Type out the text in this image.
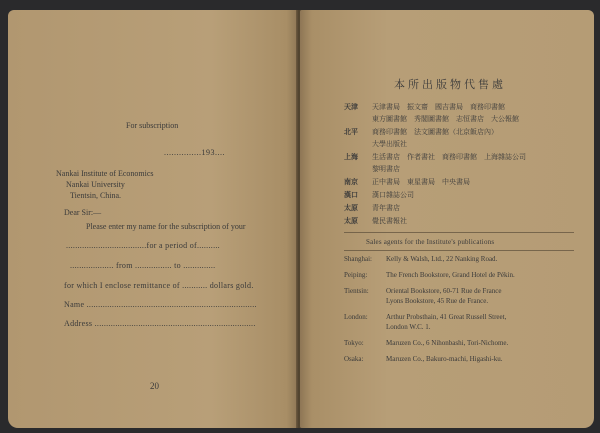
For subscription
...............193....
Nankai Institute of Economics
Nankai University
Tientsin, China.
Dear Sir:—
Please enter my name for the subscription of your
...................................for a period of..........
................... from ................ to ..............
for which I enclose remittance of ........... dollars gold.
Name ..........................................................................
Address ......................................................................
20
本所出版物代售處
天津 天津書局　振文齋　國吉書局　商務印書館
東方圖書館　秀閣圖書館　志恒書店　大公報館
北平 商務印書館　法文圖書館（北京飯店內）
大學出版社
上海 生活書店　作者書社　商務印書館　上海雜誌公司
黎明書店
南京 正中書局　東星書局　中央書局
漢口 漢口雜誌公司
太原 青年書店
太原 覺民書報社
Sales agents for the Institute's publications
Shanghai: Kelly & Walsh, Ltd., 22 Nanking Road.
Peiping:	The French Bookstore, Grand Hotel de Pékin.
Tientsin: Oriental Bookstore, 60-71 Rue de France
Lyons Bookstore, 45 Rue de France.
London:	Arthur Probsthain, 41 Great Russell Street,
London W.C. 1.
Tokyo:	Maruzen Co., 6 Nihonbashi, Tori-Nichome.
Osaka:	Maruzen Co., Bakuro-machi, Higashi-ku.
